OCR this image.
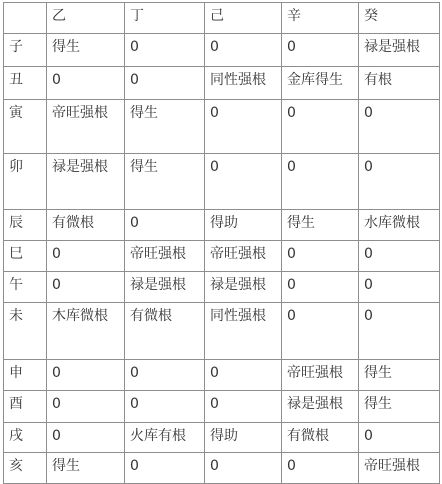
	乙	丁	己	辛	癸
子	得生	0	0	0	禄是强根
丑	0	0	同性强根	金库得生	有根
寅	帝旺强根	得生	0	0	0
卯	禄是强根	得生	0	0	0
辰	有微根	0	得助	得生	水库微根
巳	0	帝旺强根	帝旺强根	0	0
午	0	禄是强根	禄是强根	0	0
未	木库微根	有微根	同性强根	0	0
申	0	0	0	帝旺强根	得生
酉	0	0	0	禄是强根	得生
戌	0	火库有根	得助	有微根	0
亥	得生	0	0	0	帝旺强根
